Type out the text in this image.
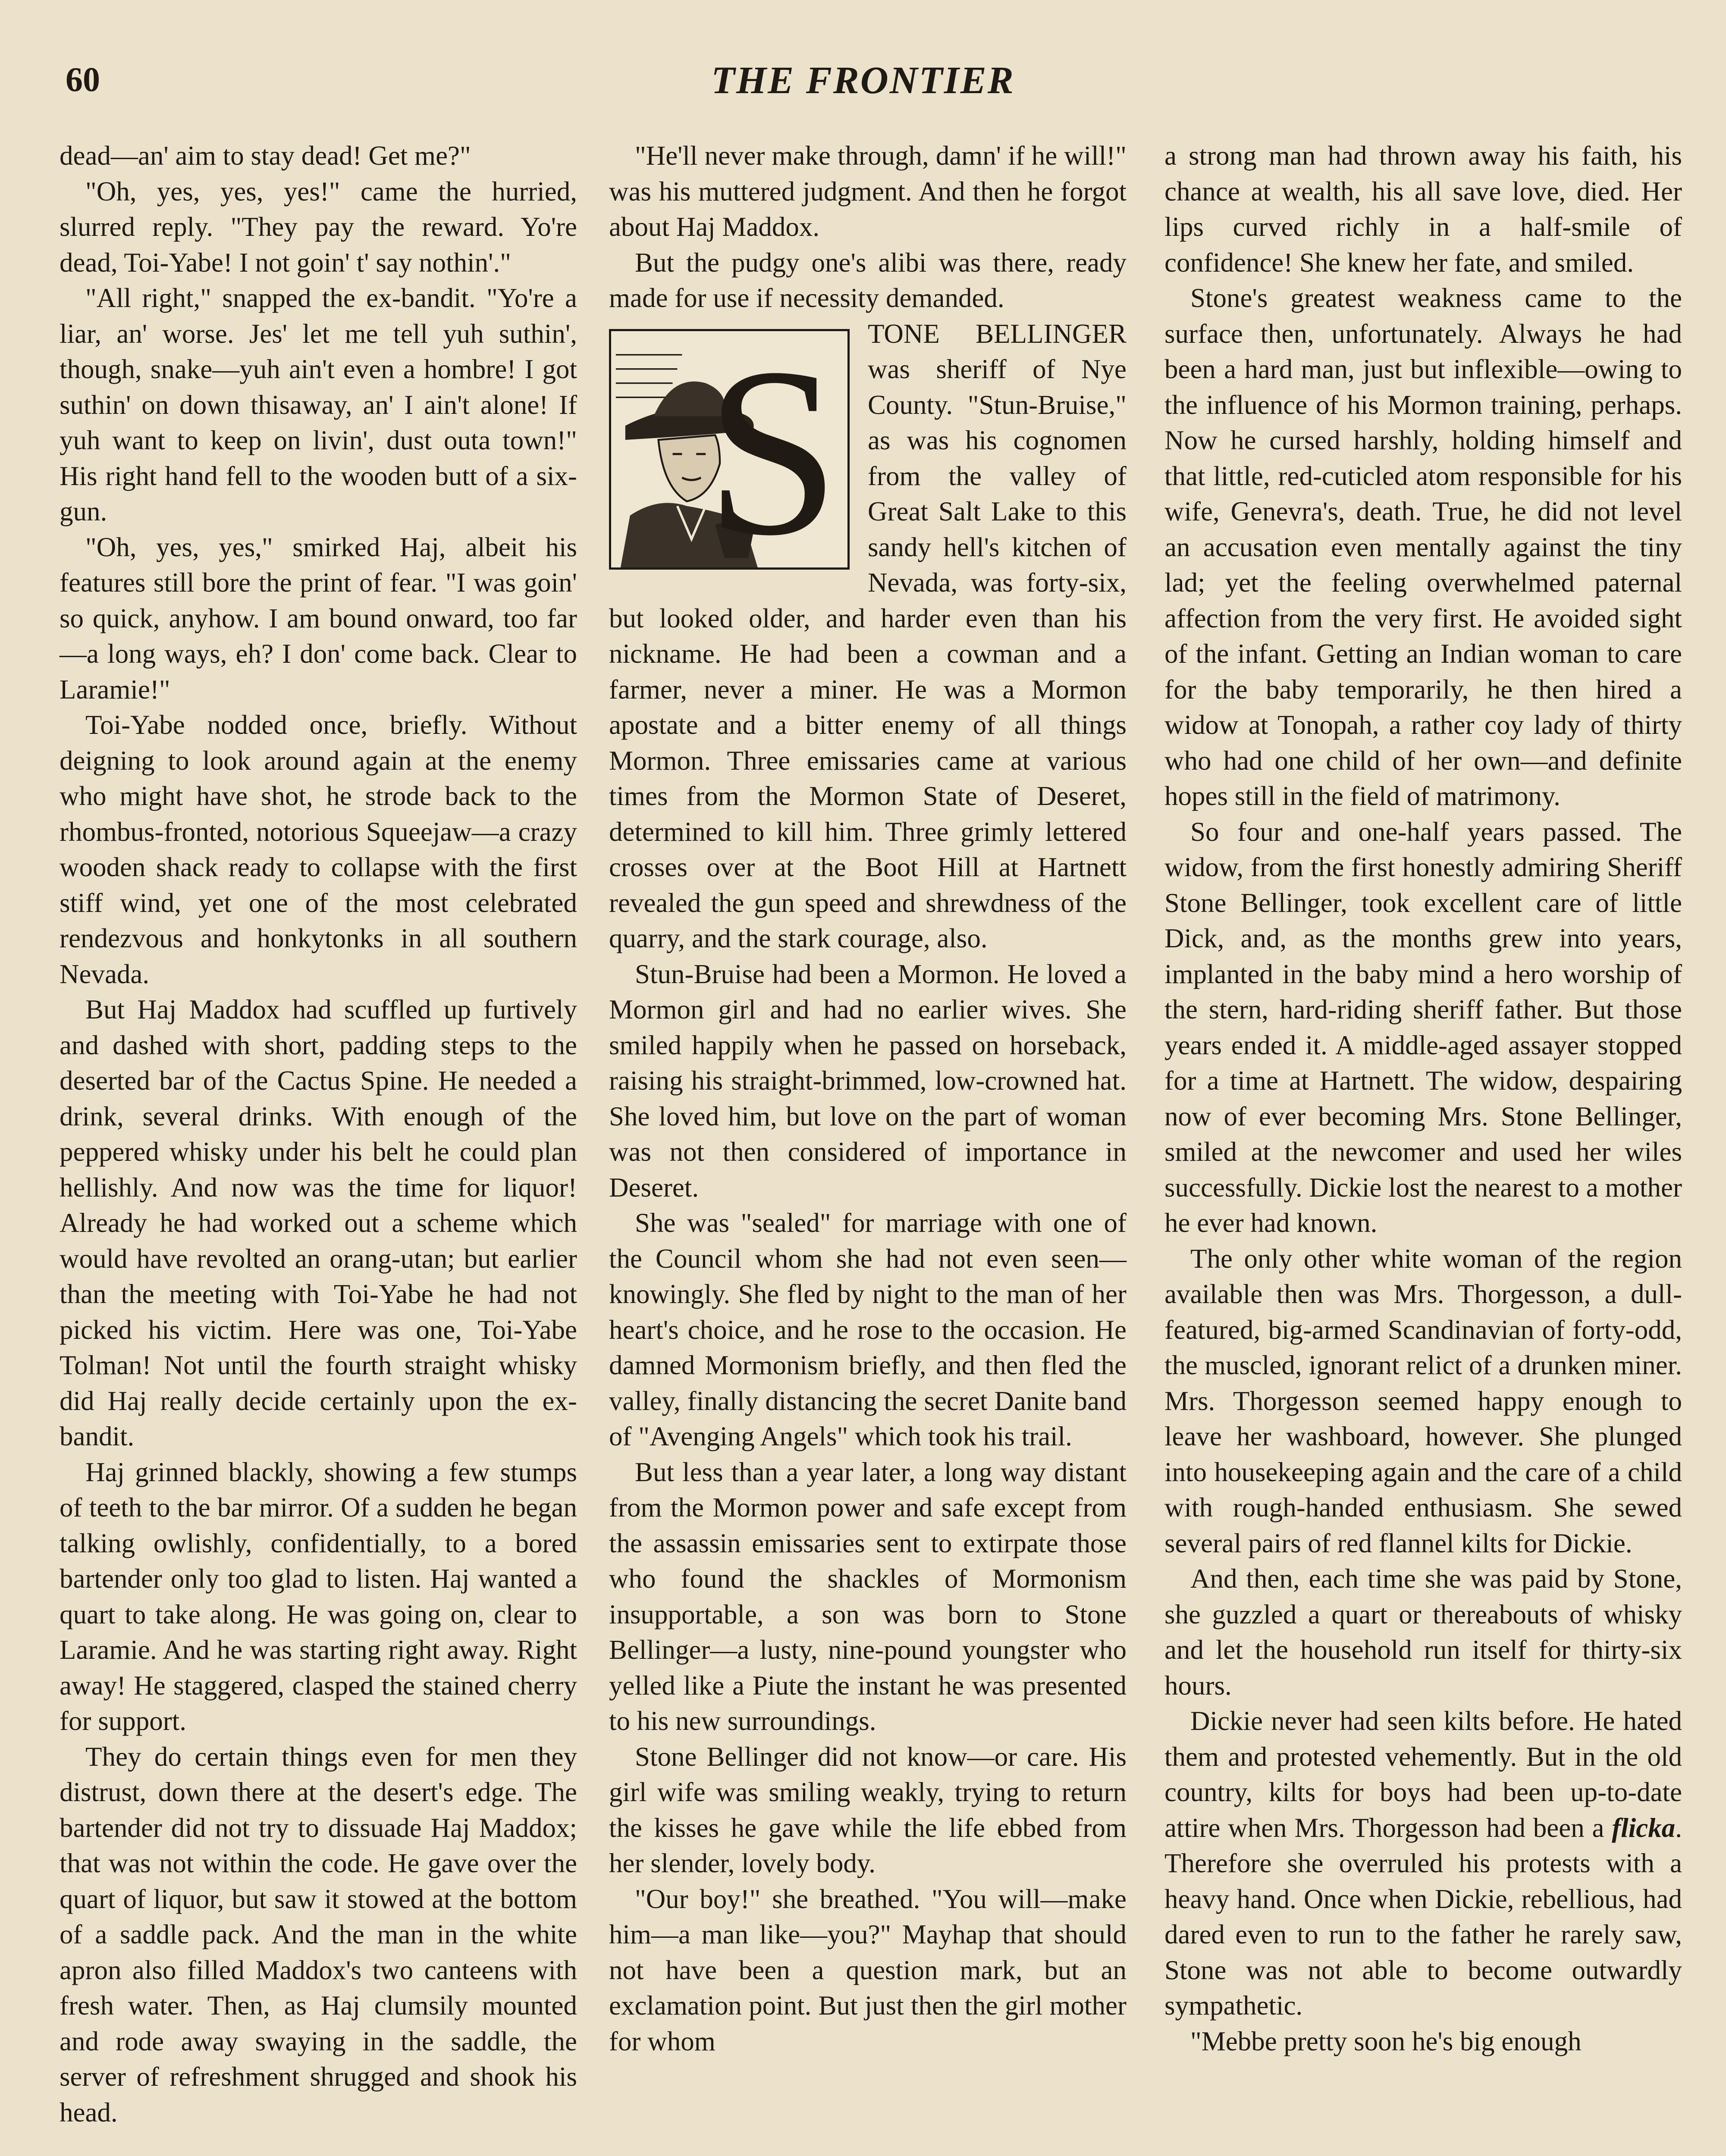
60	THE FRONTIER

dead—an' aim to stay dead! Get me?"

"Oh, yes, yes, yes!" came the hurried, slurred reply. "They pay the reward. Yo're dead, Toi-Yabe! I not goin' t' say nothin'."

"All right," snapped the ex-bandit. "Yo're a liar, an' worse. Jes' let me tell yuh suthin', though, snake—yuh ain't even a hombre! I got suthin' on down thisaway, an' I ain't alone! If yuh want to keep on livin', dust outa town!" His right hand fell to the wooden butt of a six-gun.

"Oh, yes, yes," smirked Haj, albeit his features still bore the print of fear. "I was goin' so quick, anyhow. I am bound onward, too far—a long ways, eh? I don' come back. Clear to Laramie!"

Toi-Yabe nodded once, briefly. Without deigning to look around again at the enemy who might have shot, he strode back to the rhombus-fronted, notorious Squeejaw—a crazy wooden shack ready to collapse with the first stiff wind, yet one of the most celebrated rendezvous and honkytonks in all southern Nevada.

But Haj Maddox had scuffled up furtively and dashed with short, padding steps to the deserted bar of the Cactus Spine. He needed a drink, several drinks. With enough of the peppered whisky under his belt he could plan hellishly. And now was the time for liquor! Already he had worked out a scheme which would have revolted an orang-utan; but earlier than the meeting with Toi-Yabe he had not picked his victim. Here was one, Toi-Yabe Tolman! Not until the fourth straight whisky did Haj really decide certainly upon the ex-bandit.

Haj grinned blackly, showing a few stumps of teeth to the bar mirror. Of a sudden he began talking owlishly, confidentially, to a bored bartender only too glad to listen. Haj wanted a quart to take along. He was going on, clear to Laramie. And he was starting right away. Right away! He staggered, clasped the stained cherry for support.

They do certain things even for men they distrust, down there at the desert's edge. The bartender did not try to dissuade Haj Maddox; that was not within the code. He gave over the quart of liquor, but saw it stowed at the bottom of a saddle pack. And the man in the white apron also filled Maddox's two canteens with fresh water. Then, as Haj clumsily mounted and rode away swaying in the saddle, the server of refreshment shrugged and shook his head.

"He'll never make through, damn' if he will!" was his muttered judgment. And then he forgot about Haj Maddox.

But the pudgy one's alibi was there, ready made for use if necessity demanded.

S	TONE BELLINGER was sheriff of Nye County. "Stun-Bruise," as was his cognomen from the valley of Great Salt Lake to this sandy hell's kitchen of Nevada, was forty-six, but looked older, and harder even than his nickname. He had been a cowman and a farmer, never a miner. He was a Mormon apostate and a bitter enemy of all things Mormon. Three emissaries came at various times from the Mormon State of Deseret, determined to kill him. Three grimly lettered crosses over at the Boot Hill at Hartnett revealed the gun speed and shrewdness of the quarry, and the stark courage, also.

Stun-Bruise had been a Mormon. He loved a Mormon girl and had no earlier wives. She smiled happily when he passed on horseback, raising his straight-brimmed, low-crowned hat. She loved him, but love on the part of woman was not then considered of importance in Deseret.

She was "sealed" for marriage with one of the Council whom she had not even seen—knowingly. She fled by night to the man of her heart's choice, and he rose to the occasion. He damned Mormonism briefly, and then fled the valley, finally distancing the secret Danite band of "Avenging Angels" which took his trail.

But less than a year later, a long way distant from the Mormon power and safe except from the assassin emissaries sent to extirpate those who found the shackles of Mormonism insupportable, a son was born to Stone Bellinger—a lusty, nine-pound youngster who yelled like a Piute the instant he was presented to his new surroundings.

Stone Bellinger did not know—or care. His girl wife was smiling weakly, trying to return the kisses he gave while the life ebbed from her slender, lovely body.

"Our boy!" she breathed. "You will—make him—a man like—you?" Mayhap that should not have been a question mark, but an exclamation point. But just then the girl mother for whom

a strong man had thrown away his faith, his chance at wealth, his all save love, died. Her lips curved richly in a half-smile of confidence! She knew her fate, and smiled.

Stone's greatest weakness came to the surface then, unfortunately. Always he had been a hard man, just but inflexible—owing to the influence of his Mormon training, perhaps. Now he cursed harshly, holding himself and that little, red-cuticled atom responsible for his wife, Genevra's, death. True, he did not level an accusation even mentally against the tiny lad; yet the feeling overwhelmed paternal affection from the very first. He avoided sight of the infant. Getting an Indian woman to care for the baby temporarily, he then hired a widow at Tonopah, a rather coy lady of thirty who had one child of her own—and definite hopes still in the field of matrimony.

So four and one-half years passed. The widow, from the first honestly admiring Sheriff Stone Bellinger, took excellent care of little Dick, and, as the months grew into years, implanted in the baby mind a hero worship of the stern, hard-riding sheriff father. But those years ended it. A middle-aged assayer stopped for a time at Hartnett. The widow, despairing now of ever becoming Mrs. Stone Bellinger, smiled at the newcomer and used her wiles successfully. Dickie lost the nearest to a mother he ever had known.

The only other white woman of the region available then was Mrs. Thorgesson, a dull-featured, big-armed Scandinavian of forty-odd, the muscled, ignorant relict of a drunken miner. Mrs. Thorgesson seemed happy enough to leave her washboard, however. She plunged into housekeeping again and the care of a child with rough-handed enthusiasm. She sewed several pairs of red flannel kilts for Dickie.

And then, each time she was paid by Stone, she guzzled a quart or thereabouts of whisky and let the household run itself for thirty-six hours.

Dickie never had seen kilts before. He hated them and protested vehemently. But in the old country, kilts for boys had been up-to-date attire when Mrs. Thorgesson had been a flicka. Therefore she overruled his protests with a heavy hand. Once when Dickie, rebellious, had dared even to run to the father he rarely saw, Stone was not able to become outwardly sympathetic.

"Mebbe pretty soon he's big enough
